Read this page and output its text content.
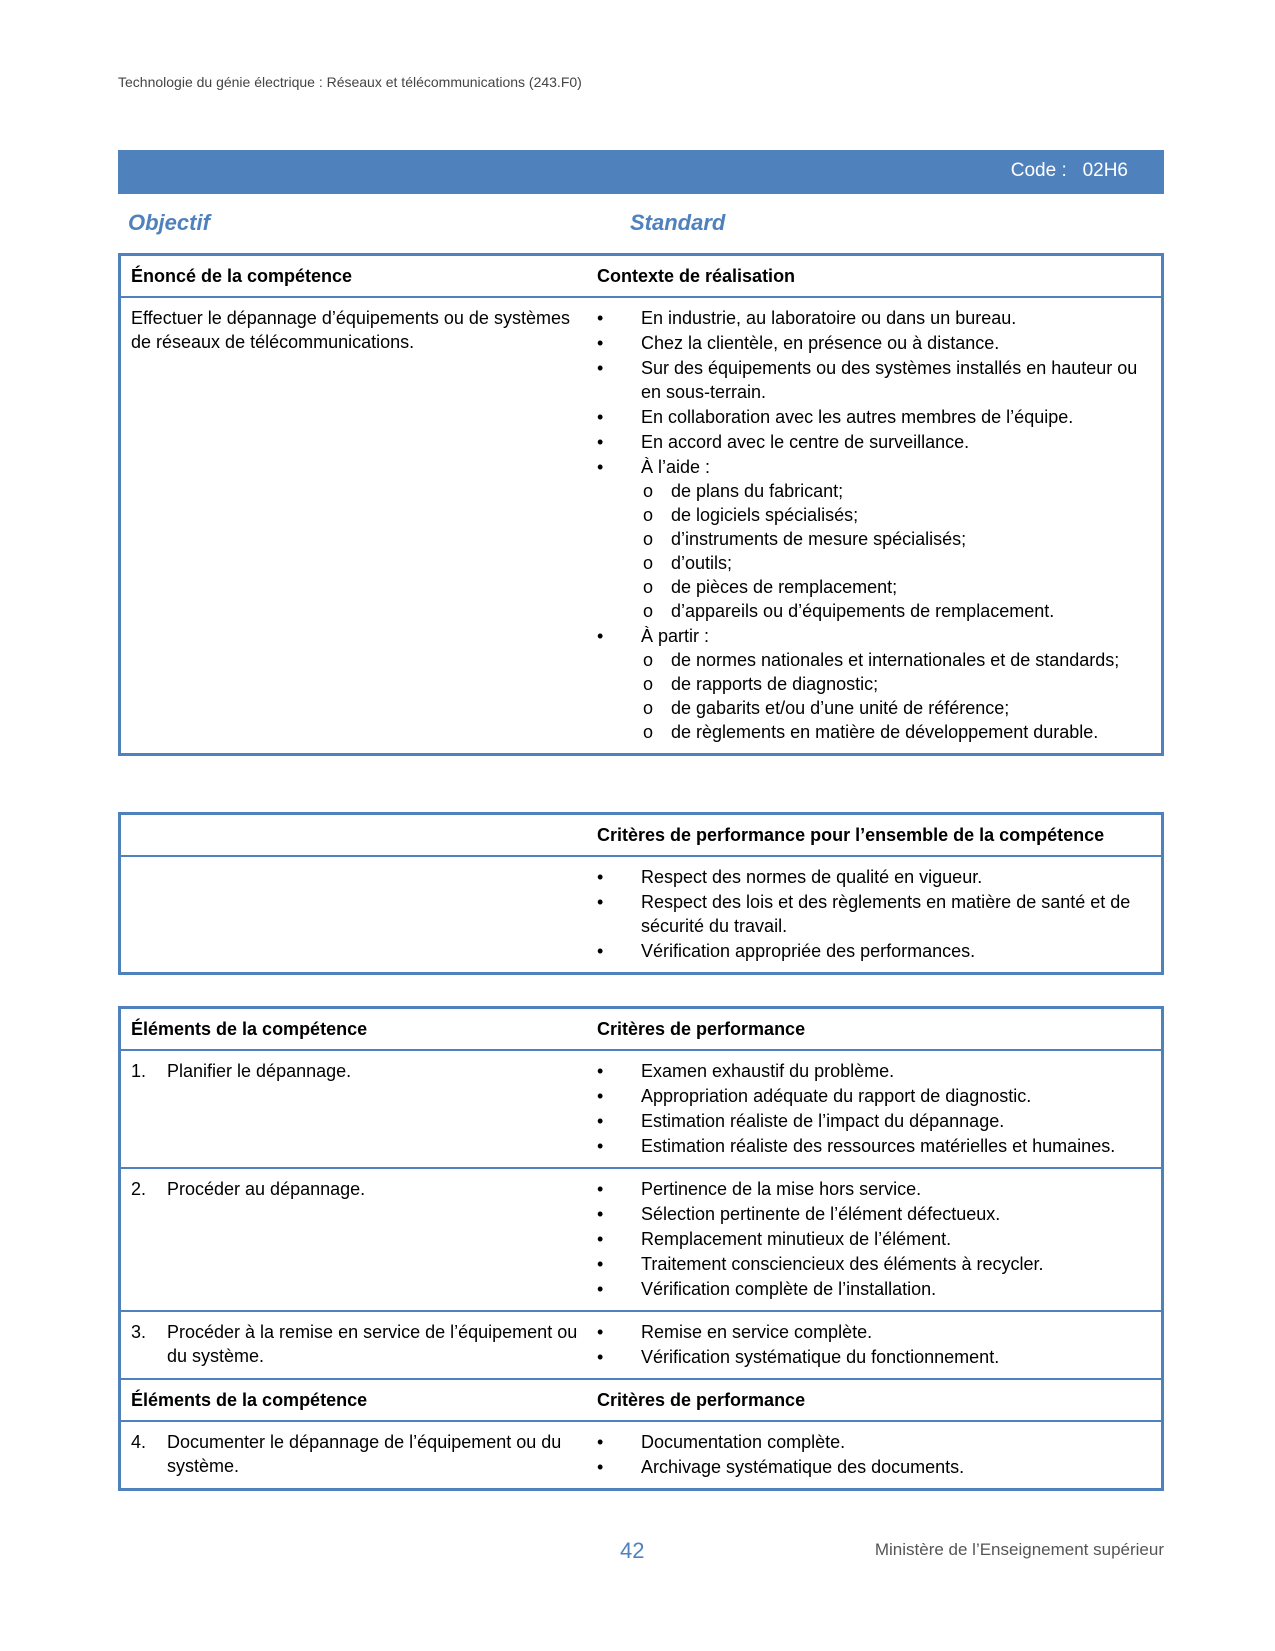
Technologie du génie électrique : Réseaux et télécommunications (243.F0)
Code : 02H6
Objectif	Standard
Énoncé de la compétence	Contexte de réalisation
Effectuer le dépannage d’équipements ou de systèmes de réseaux de télécommunications.
•	En industrie, au laboratoire ou dans un bureau.
•	Chez la clientèle, en présence ou à distance.
•	Sur des équipements ou des systèmes installés en hauteur ou en sous-terrain.
•	En collaboration avec les autres membres de l’équipe.
•	En accord avec le centre de surveillance.
•	À l’aide :
o de plans du fabricant;
o de logiciels spécialisés;
o d’instruments de mesure spécialisés;
o d’outils;
o de pièces de remplacement;
o d’appareils ou d’équipements de remplacement.
•	À partir :
o de normes nationales et internationales et de standards;
o de rapports de diagnostic;
o de gabarits et/ou d’une unité de référence;
o de règlements en matière de développement durable.
Critères de performance pour l’ensemble de la compétence
•	Respect des normes de qualité en vigueur.
•	Respect des lois et des règlements en matière de santé et de sécurité du travail.
•	Vérification appropriée des performances.
Éléments de la compétence	Critères de performance
1. Planifier le dépannage.	•	Examen exhaustif du problème.
•	Appropriation adéquate du rapport de diagnostic.
•	Estimation réaliste de l’impact du dépannage.
•	Estimation réaliste des ressources matérielles et humaines.
2. Procéder au dépannage.	•	Pertinence de la mise hors service.
•	Sélection pertinente de l’élément défectueux.
•	Remplacement minutieux de l’élément.
•	Traitement consciencieux des éléments à recycler.
•	Vérification complète de l’installation.
3. Procéder à la remise en service de l’équipement ou du système.
•	Remise en service complète.
•	Vérification systématique du fonctionnement.
Éléments de la compétence	Critères de performance
4. Documenter le dépannage de l’équipement ou du système.
•	Documentation complète.
•	Archivage systématique des documents.
42	Ministère de l’Enseignement supérieur
